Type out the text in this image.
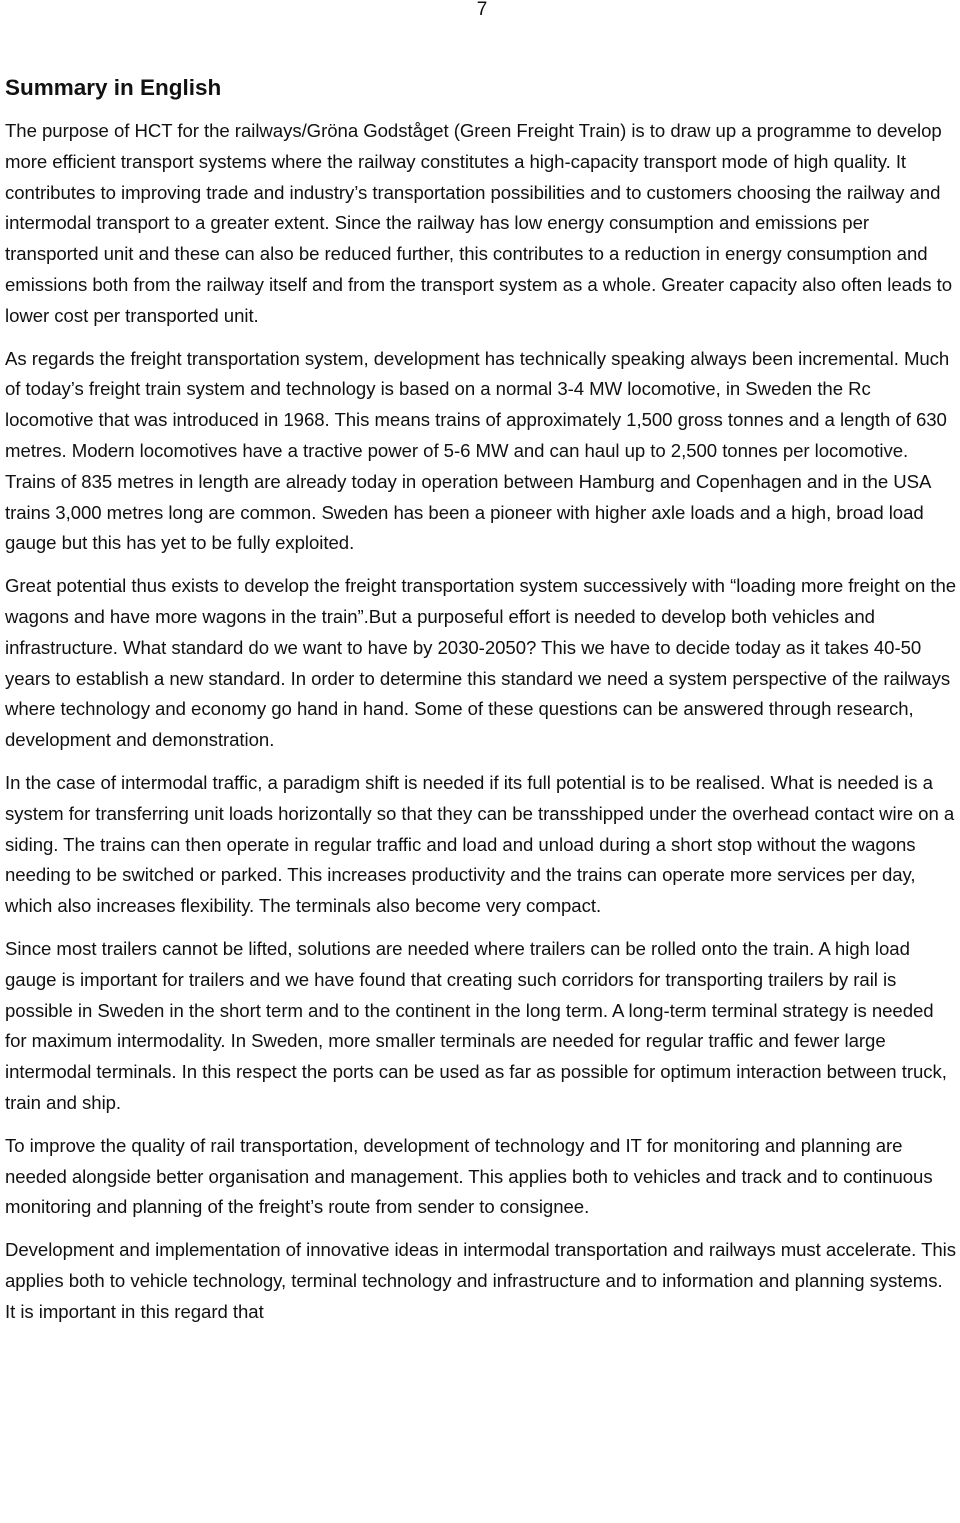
7
Summary in English

The purpose of HCT for the railways/Gröna Godståget (Green Freight Train) is to draw up a programme to develop more efficient transport systems where the railway constitutes a high-capacity transport mode of high quality. It contributes to improving trade and industry’s transportation possibilities and to customers choosing the railway and intermodal transport to a greater extent. Since the railway has low energy consumption and emissions per transported unit and these can also be reduced further, this contributes to a reduction in energy consumption and emissions both from the railway itself and from the transport system as a whole. Greater capacity also often leads to lower cost per transported unit.

As regards the freight transportation system, development has technically speaking always been incremental. Much of today’s freight train system and technology is based on a normal 3-4 MW locomotive, in Sweden the Rc locomotive that was introduced in 1968. This means trains of approximately 1,500 gross tonnes and a length of 630 metres. Modern locomotives have a tractive power of 5-6 MW and can haul up to 2,500 tonnes per locomotive. Trains of 835 metres in length are already today in operation between Hamburg and Copenhagen and in the USA trains 3,000 metres long are common. Sweden has been a pioneer with higher axle loads and a high, broad load gauge but this has yet to be fully exploited.

Great potential thus exists to develop the freight transportation system successively with “loading more freight on the wagons and have more wagons in the train”.But a purposeful effort is needed to develop both vehicles and infrastructure. What standard do we want to have by 2030-2050? This we have to decide today as it takes 40-50 years to establish a new standard. In order to determine this standard we need a system perspective of the railways where technology and economy go hand in hand. Some of these questions can be answered through research, development and demonstration.

In the case of intermodal traffic, a paradigm shift is needed if its full potential is to be realised. What is needed is a system for transferring unit loads horizontally so that they can be transshipped under the overhead contact wire on a siding. The trains can then operate in regular traffic and load and unload during a short stop without the wagons needing to be switched or parked. This increases productivity and the trains can operate more services per day, which also increases flexibility. The terminals also become very compact.

Since most trailers cannot be lifted, solutions are needed where trailers can be rolled onto the train. A high load gauge is important for trailers and we have found that creating such corridors for transporting trailers by rail is possible in Sweden in the short term and to the continent in the long term. A long-term terminal strategy is needed for maximum intermodality. In Sweden, more smaller terminals are needed for regular traffic and fewer large intermodal terminals. In this respect the ports can be used as far as possible for optimum interaction between truck, train and ship.

To improve the quality of rail transportation, development of technology and IT for monitoring and planning are needed alongside better organisation and management. This applies both to vehicles and track and to continuous monitoring and planning of the freight’s route from sender to consignee.

Development and implementation of innovative ideas in intermodal transportation and railways must accelerate. This applies both to vehicle technology, terminal technology and infrastructure and to information and planning systems. It is important in this regard that
